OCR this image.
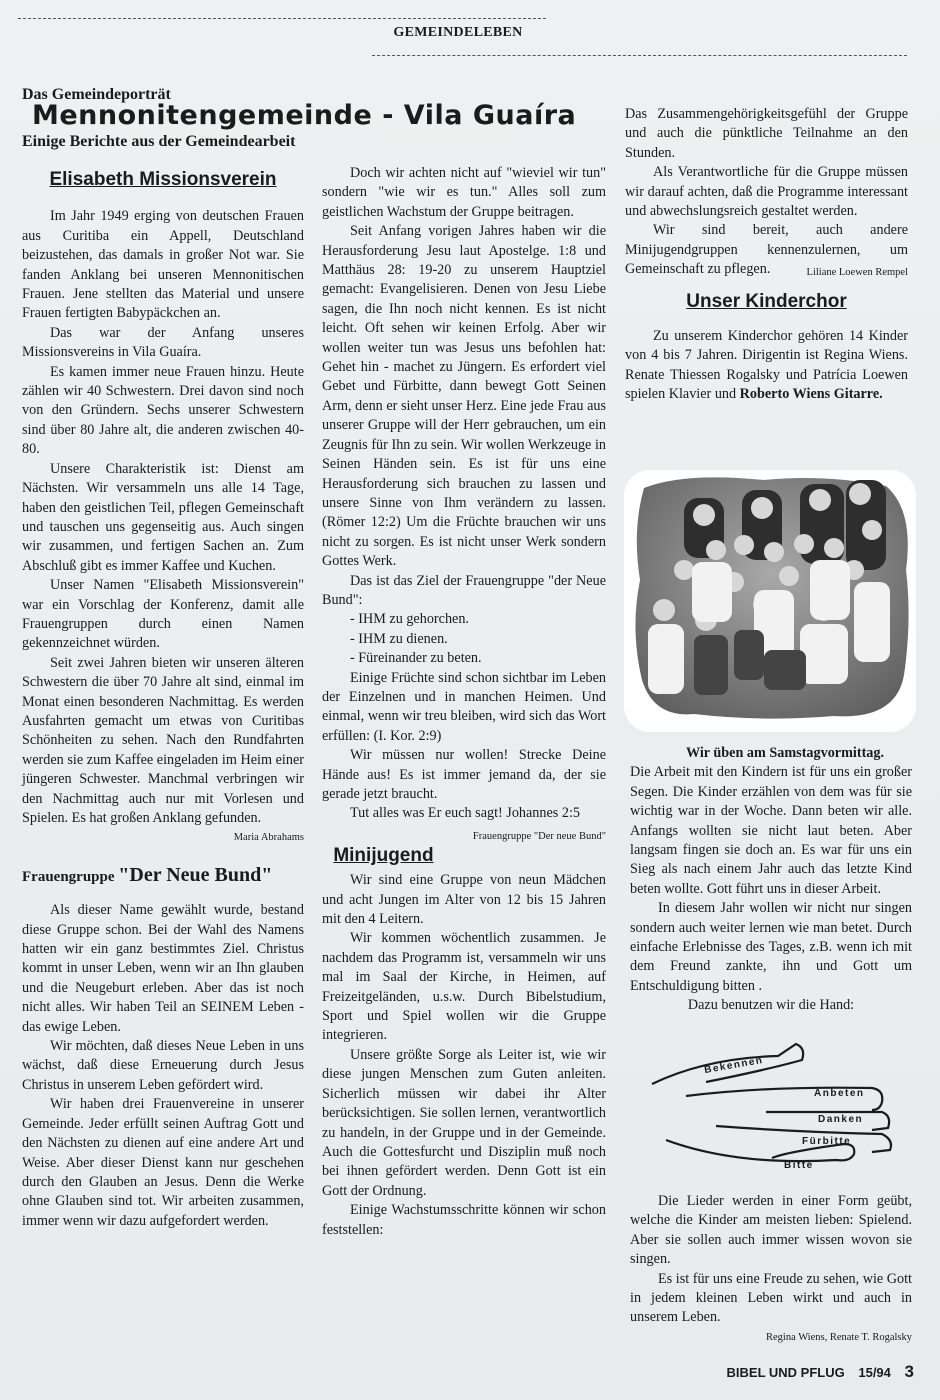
GEMEINDELEBEN
Das Gemeindeporträt
Mennonitengemeinde - Vila Guaíra
Einige Berichte aus der Gemeindearbeit
Elisabeth Missionsverein

Im Jahr 1949 erging von deutschen Frauen aus Curitiba ein Appell, Deutschland beizustehen, das damals in großer Not war. Sie fanden Anklang bei unseren Mennonitischen Frauen. Jene stellten das Material und unsere Frauen fertigten Babypäckchen an.

Das war der Anfang unseres Missionsvereins in Vila Guaíra.

Es kamen immer neue Frauen hinzu. Heute zählen wir 40 Schwestern. Drei davon sind noch von den Gründern. Sechs unserer Schwestern sind über 80 Jahre alt, die anderen zwischen 40-80.

Unsere Charakteristik ist: Dienst am Nächsten. Wir versammeln uns alle 14 Tage, haben den geistlichen Teil, pflegen Gemeinschaft und tauschen uns gegenseitig aus. Auch singen wir zusammen, und fertigen Sachen an. Zum Abschluß gibt es immer Kaffee und Kuchen.

Unser Namen "Elisabeth Missionsverein" war ein Vorschlag der Konferenz, damit alle Frauengruppen durch einen Namen gekennzeichnet würden.

Seit zwei Jahren bieten wir unseren älteren Schwestern die über 70 Jahre alt sind, einmal im Monat einen besonderen Nachmittag. Es werden Ausfahrten gemacht um etwas von Curitibas Schönheiten zu sehen. Nach den Rundfahrten werden sie zum Kaffee eingeladen im Heim einer jüngeren Schwester. Manchmal verbringen wir den Nachmittag auch nur mit Vorlesen und Spielen. Es hat großen Anklang gefunden.

Maria Abrahams

Frauengruppe "Der Neue Bund"

Als dieser Name gewählt wurde, bestand diese Gruppe schon. Bei der Wahl des Namens hatten wir ein ganz bestimmtes Ziel. Christus kommt in unser Leben, wenn wir an Ihn glauben und die Neugeburt erleben. Aber das ist noch nicht alles. Wir haben Teil an SEINEM Leben - das ewige Leben.

Wir möchten, daß dieses Neue Leben in uns wächst, daß diese Erneuerung durch Jesus Christus in unserem Leben gefördert wird.

Wir haben drei Frauenvereine in unserer Gemeinde. Jeder erfüllt seinen Auftrag Gott und den Nächsten zu dienen auf eine andere Art und Weise. Aber dieser Dienst kann nur geschehen durch den Glauben an Jesus. Denn die Werke ohne Glauben sind tot. Wir arbeiten zusammen, immer wenn wir dazu aufgefordert werden.

Doch wir achten nicht auf "wieviel wir tun" sondern "wie wir es tun." Alles soll zum geistlichen Wachstum der Gruppe beitragen.

Seit Anfang vorigen Jahres haben wir die Herausforderung Jesu laut Apostelge. 1:8 und Matthäus 28: 19-20 zu unserem Hauptziel gemacht: Evangelisieren. Denen von Jesu Liebe sagen, die Ihn noch nicht kennen. Es ist nicht leicht. Oft sehen wir keinen Erfolg. Aber wir wollen weiter tun was Jesus uns befohlen hat: Gehet hin - machet zu Jüngern. Es erfordert viel Gebet und Fürbitte, dann bewegt Gott Seinen Arm, denn er sieht unser Herz. Eine jede Frau aus unserer Gruppe will der Herr gebrauchen, um ein Zeugnis für Ihn zu sein. Wir wollen Werkzeuge in Seinen Händen sein. Es ist für uns eine Herausforderung sich brauchen zu lassen und unsere Sinne von Ihm verändern zu lassen. (Römer 12:2) Um die Früchte brauchen wir uns nicht zu sorgen. Es ist nicht unser Werk sondern Gottes Werk.

Das ist das Ziel der Frauengruppe "der Neue Bund":

- IHM zu gehorchen.

- IHM zu dienen.

- Füreinander zu beten.

Einige Früchte sind schon sichtbar im Leben der Einzelnen und in manchen Heimen. Und einmal, wenn wir treu bleiben, wird sich das Wort erfüllen: (I. Kor. 2:9)

Wir müssen nur wollen! Strecke Deine Hände aus! Es ist immer jemand da, der sie gerade jetzt braucht.

Tut alles was Er euch sagt! Johannes 2:5
Frauengruppe "Der neue Bund"

Minijugend

Wir sind eine Gruppe von neun Mädchen und acht Jungen im Alter von 12 bis 15 Jahren mit den 4 Leitern.

Wir kommen wöchentlich zusammen. Je nachdem das Programm ist, versammeln wir uns mal im Saal der Kirche, in Heimen, auf Freizeitgeländen, u.s.w. Durch Bibelstudium, Sport und Spiel wollen wir die Gruppe integrieren.

Unsere größte Sorge als Leiter ist, wie wir diese jungen Menschen zum Guten anleiten. Sicherlich müssen wir dabei ihr Alter berücksichtigen. Sie sollen lernen, verantwortlich zu handeln, in der Gruppe und in der Gemeinde. Auch die Gottesfurcht und Disziplin muß noch bei ihnen gefördert werden. Denn Gott ist ein Gott der Ordnung.

Einige Wachstumsschritte können wir schon feststellen:

Das Zusammengehörigkeitsgefühl der Gruppe und auch die pünktliche Teilnahme an den Stunden.

Als Verantwortliche für die Gruppe müssen wir darauf achten, daß die Programme interessant und abwechslungsreich gestaltet werden.

Wir sind bereit, auch andere Minijugendgruppen kennenzulernen, um Gemeinschaft zu pflegen.	Liliane Loewen Rempel

Unser Kinderchor

Zu unserem Kinderchor gehören 14 Kinder von 4 bis 7 Jahren. Dirigentin ist Regina Wiens. Renate Thiessen Rogalsky und Patrícia Loewen spielen Klavier und Roberto Wiens Gitarre.

Wir üben am Samstagvormittag.

Die Arbeit mit den Kindern ist für uns ein großer Segen. Die Kinder erzählen von dem was für sie wichtig war in der Woche. Dann beten wir alle. Anfangs wollten sie nicht laut beten. Aber langsam fingen sie doch an. Es war für uns ein Sieg als nach einem Jahr auch das letzte Kind beten wollte. Gott führt uns in dieser Arbeit.

In diesem Jahr wollen wir nicht nur singen sondern auch weiter lernen wie man betet. Durch einfache Erlebnisse des Tages, z.B. wenn ich mit dem Freund zankte, ihn und Gott um Entschuldigung bitten .

Dazu benutzen wir die Hand:

Bekennen
Anbeten
Danken
Fürbitte
Bitte

Die Lieder werden in einer Form geübt, welche die Kinder am meisten lieben: Spielend. Aber sie sollen auch immer wissen wovon sie singen.

Es ist für uns eine Freude zu sehen, wie Gott in jedem kleinen Leben wirkt und auch in unserem Leben.

Regina Wiens, Renate T. Rogalsky
BIBEL UND PFLUG 15/94 3
